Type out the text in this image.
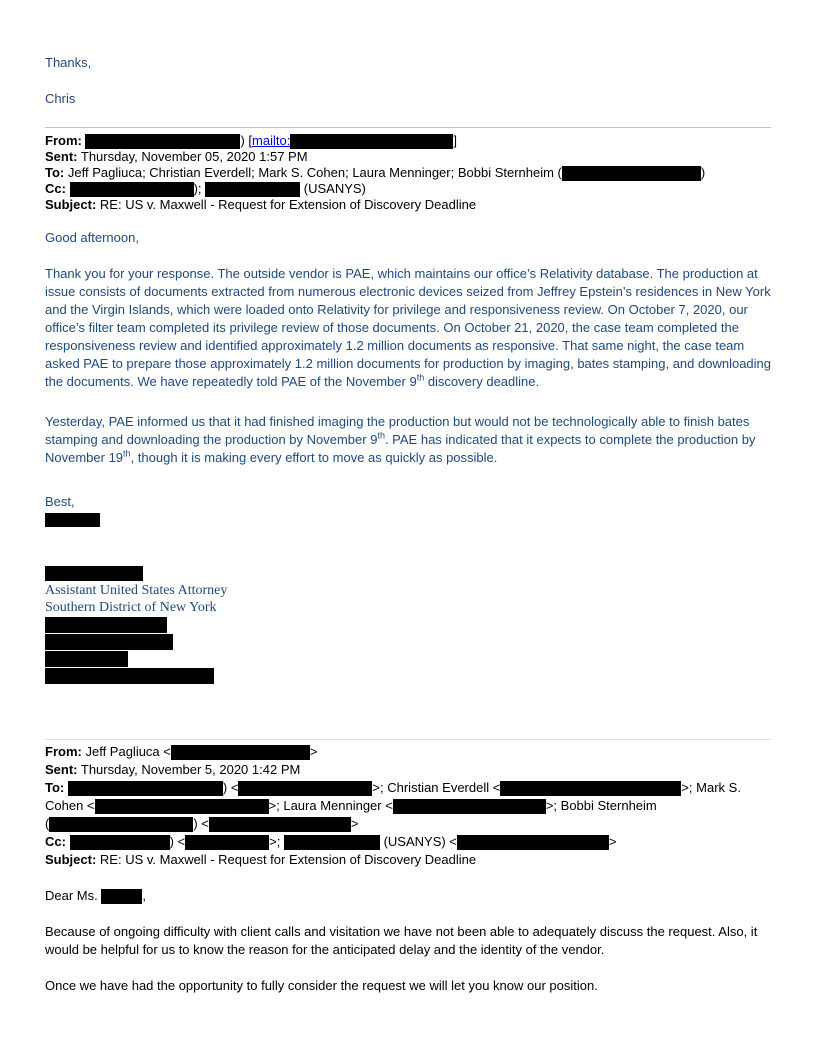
Thanks,
Chris
From:	) [mailto:	]
Sent: Thursday, November 05, 2020 1:57 PM
To: Jeff Pagliuca; Christian Everdell; Mark S. Cohen; Laura Menninger; Bobbi Sternheim (	)
Cc:	);	(USANYS)
Subject: RE: US v. Maxwell - Request for Extension of Discovery Deadline
Good afternoon,
Thank you for your response. The outside vendor is PAE, which maintains our office’s Relativity database. The production at issue consists of documents extracted from numerous electronic devices seized from Jeffrey Epstein’s residences in New York and the Virgin Islands, which were loaded onto Relativity for privilege and responsiveness review. On October 7, 2020, our office’s filter team completed its privilege review of those documents. On October 21, 2020, the case team completed the responsiveness review and identified approximately 1.2 million documents as responsive. That same night, the case team asked PAE to prepare those approximately 1.2 million documents for production by imaging, bates stamping, and downloading the documents. We have repeatedly told PAE of the November 9th discovery deadline.
Yesterday, PAE informed us that it had finished imaging the production but would not be technologically able to finish bates stamping and downloading the production by November 9th. PAE has indicated that it expects to complete the production by November 19th, though it is making every effort to move as quickly as possible.
Best,
Assistant United States Attorney
Southern District of New York
From: Jeff Pagliuca <	>
Sent: Thursday, November 5, 2020 1:42 PM
To:	) <	>; Christian Everdell <	>; Mark S.
Cohen <	>; Laura Menninger <	>; Bobbi Sternheim
(	) <	>
Cc:	) <	>;	(USANYS) <	>
Subject: RE: US v. Maxwell - Request for Extension of Discovery Deadline
Dear Ms.	,
Because of ongoing difficulty with client calls and visitation we have not been able to adequately discuss the request. Also, it would be helpful for us to know the reason for the anticipated delay and the identity of the vendor.
Once we have had the opportunity to fully consider the request we will let you know our position.
